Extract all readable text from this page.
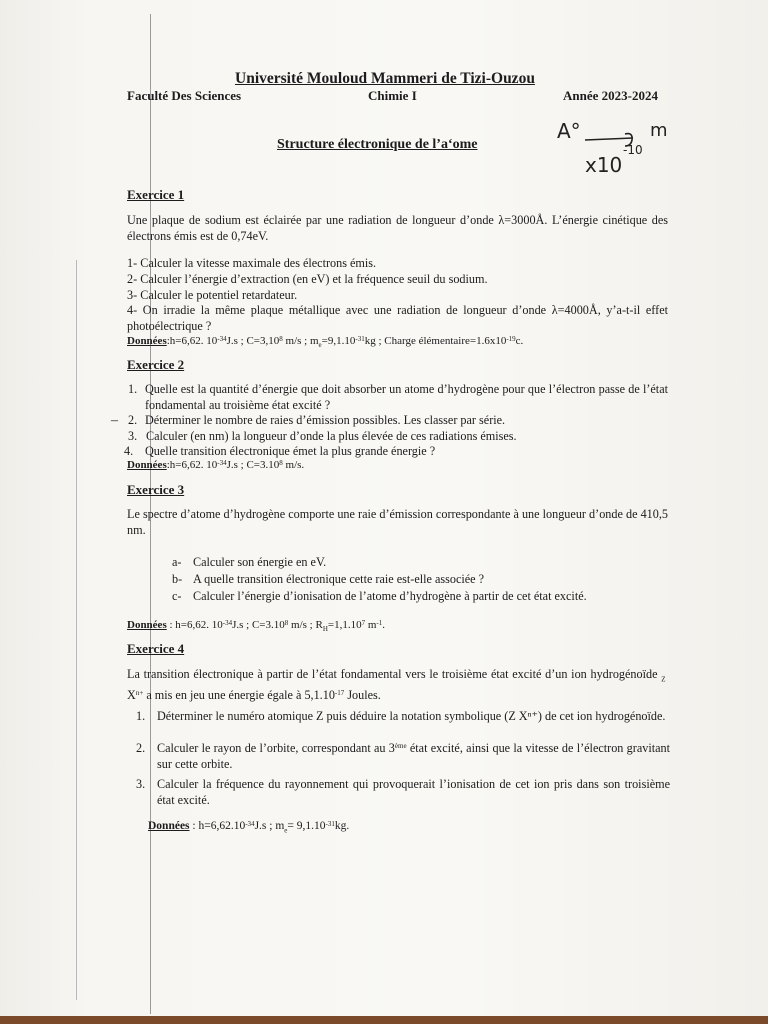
Université Mouloud Mammeri de Tizi-Ouzou
Faculté Des Sciences	Chimie I	Année 2023-2024
Structure électronique de l’a‘ome
A°	m
x10
-10
Exercice 1
Une plaque de sodium est éclairée par une radiation de longueur d’onde λ=3000Å. L’énergie cinétique des électrons émis est de 0,74eV.
1- Calculer la vitesse maximale des électrons émis.
2- Calculer l’énergie d’extraction (en eV) et la fréquence seuil du sodium.
3- Calculer le potentiel retardateur.
4- On irradie la même plaque métallique avec une radiation de longueur d’onde λ=4000Å, y’a-t-il effet photoélectrique ?
Données:h=6,62. $10^{-34}J.s$ ; $C=3,10^8$ m/s ; $m_e=9,1.10^{-31}kg$ ; Charge $élémentaire=1.6x10^{-19}c$.
Exercice 2
1. Quelle est la quantité d’énergie que doit absorber un atome d’hydrogène pour que l’électron passe de l’état fondamental au troisième état excité ?
– 2. Déterminer le nombre de raies d’émission possibles. Les classer par série.
3. Calculer (en nm) la longueur d’onde la plus élevée de ces radiations émises.
4. Quelle transition électronique émet la plus grande énergie ?
Données:h=6,62. $10^{-34}J.s$ ; $C=3.10^8$ m/s.
Exercice 3
Le spectre d’atome d’hydrogène comporte une raie d’émission correspondante à une longueur d’onde de 410,5 nm.
a- Calculer son énergie en eV.
b- A quelle transition électronique cette raie est-elle associée ?
c- Calculer l’énergie d’ionisation de l’atome d’hydrogène à partir de cet état excité.
Données : h=6,62. $10^{-34}J.s$ ; $C=3.10^8$ m/s ; $R_H=1,1.10^7$ $m^{-1}$.
Exercice 4
La transition électronique à partir de l’état fondamental vers le troisième état excité d’un ion hydrogénoïde $_Z$ $X^{n+}$ a mis en jeu une énergie égale à $5,1.10^{-17}$ Joules.
1. Déterminer le numéro atomique Z puis déduire la notation symbolique (Z Xⁿ⁺) de cet ion hydrogénoïde.
2. Calculer le rayon de l’orbite, correspondant au 3ème état excité, ainsi que la vitesse de l’électron gravitant sur cette orbite.
3. Calculer la fréquence du rayonnement qui provoquerait l’ionisation de cet ion pris dans son troisième état excité.
Données : $h=6,62.10^{-34}J.s$ ; $m_e= 9,1.10^{-31}kg$.
